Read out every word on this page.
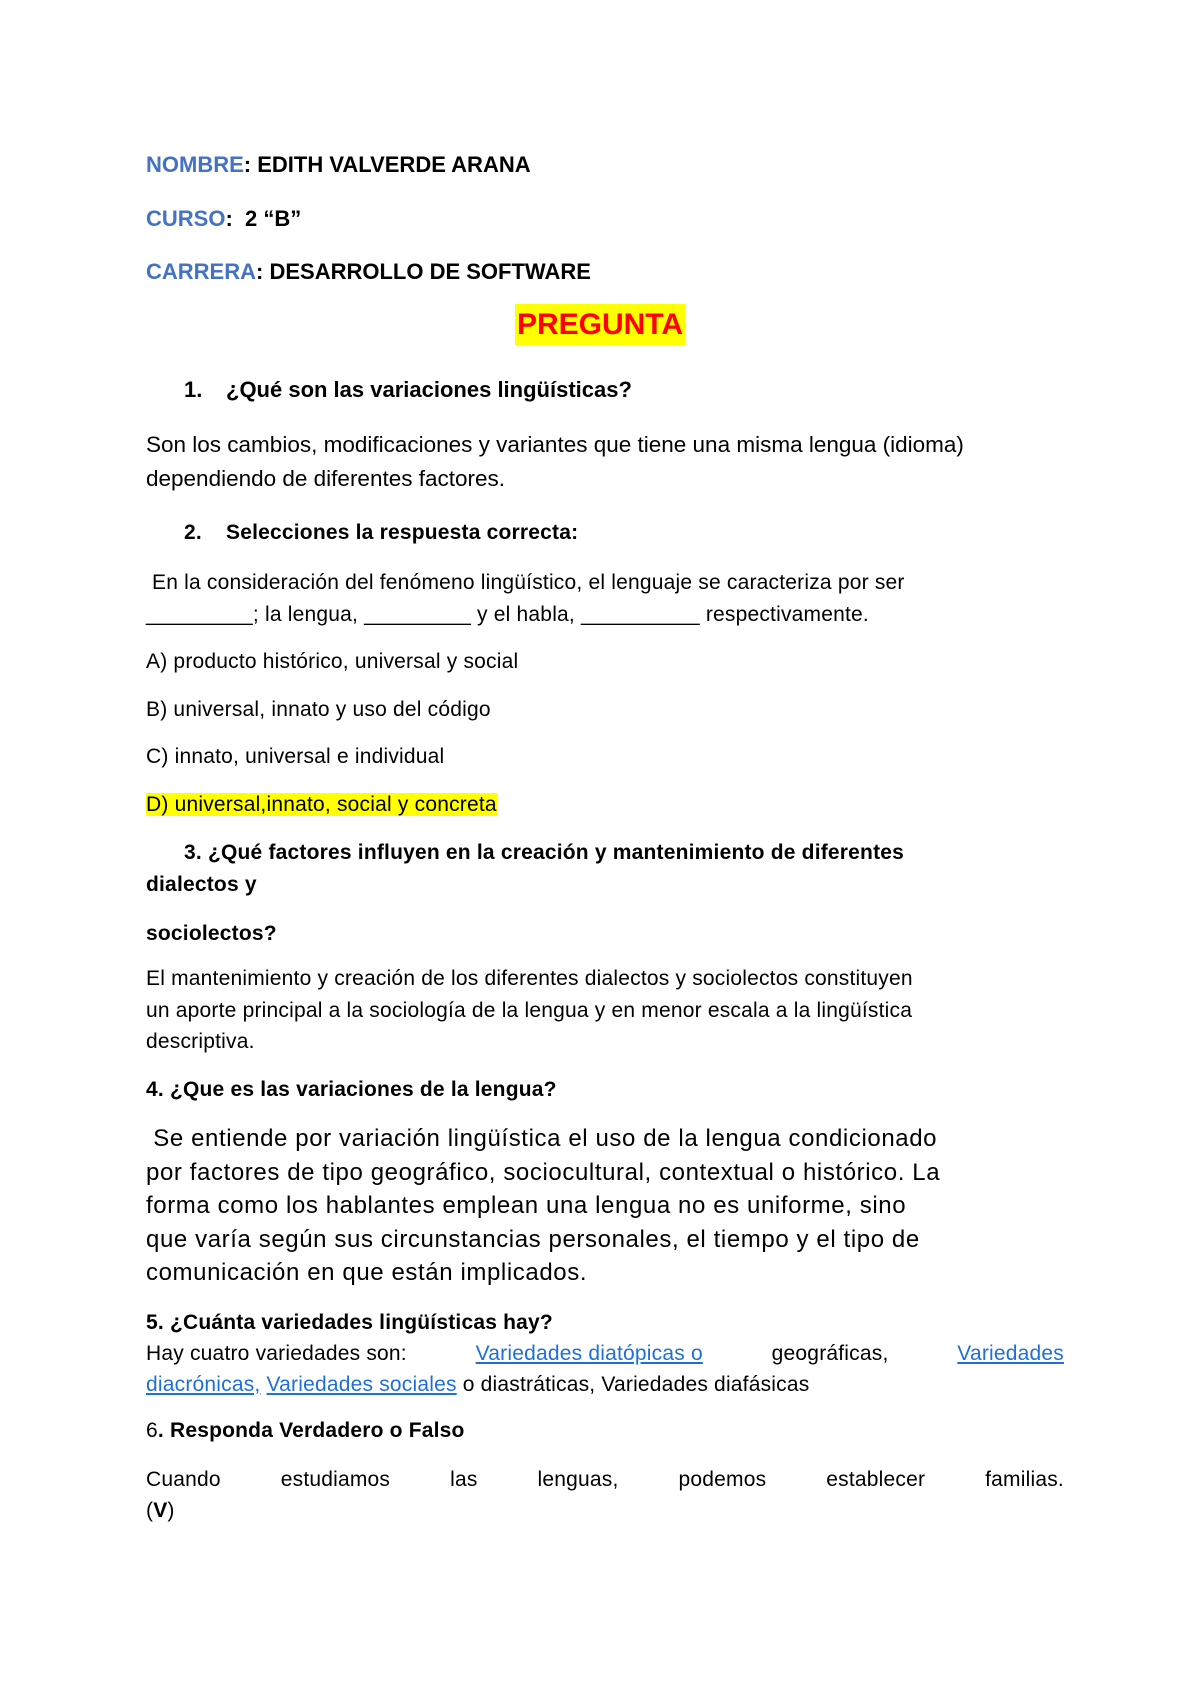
NOMBRE: EDITH VALVERDE ARANA
CURSO:  2 “B”
CARRERA: DESARROLLO DE SOFTWARE
PREGUNTA
1. ¿Qué son las variaciones lingüísticas?
Son los cambios, modificaciones y variantes que tiene una misma lengua (idioma)
dependiendo de diferentes factores.
2. Selecciones la respuesta correcta:
En la consideración del fenómeno lingüístico, el lenguaje se caracteriza por ser
_________; la lengua, _________ y el habla, __________ respectivamente.
A) producto histórico, universal y social
B) universal, innato y uso del código
C) innato, universal e individual
D) universal,innato, social y concreta
3. ¿Qué factores influyen en la creación y mantenimiento de diferentes
dialectos y
sociolectos?
El mantenimiento y creación de los diferentes dialectos y sociolectos constituyen
un aporte principal a la sociología de la lengua y en menor escala a la lingüística
descriptiva.
4. ¿Que es las variaciones de la lengua?
Se entiende por variación lingüística el uso de la lengua condicionado
por factores de tipo geográfico, sociocultural, contextual o histórico. La
forma como los hablantes emplean una lengua no es uniforme, sino
que varía según sus circunstancias personales, el tiempo y el tipo de
comunicación en que están implicados.
5. ¿Cuánta variedades lingüísticas hay?
Hay cuatro variedades son:	Variedades diatópicas o	geográficas,	Variedades
diacrónicas, Variedades sociales o diastráticas, Variedades diafásicas
6. Responda Verdadero o Falso
Cuando	estudiamos	las	lenguas,	podemos	establecer	familias.
(V)
